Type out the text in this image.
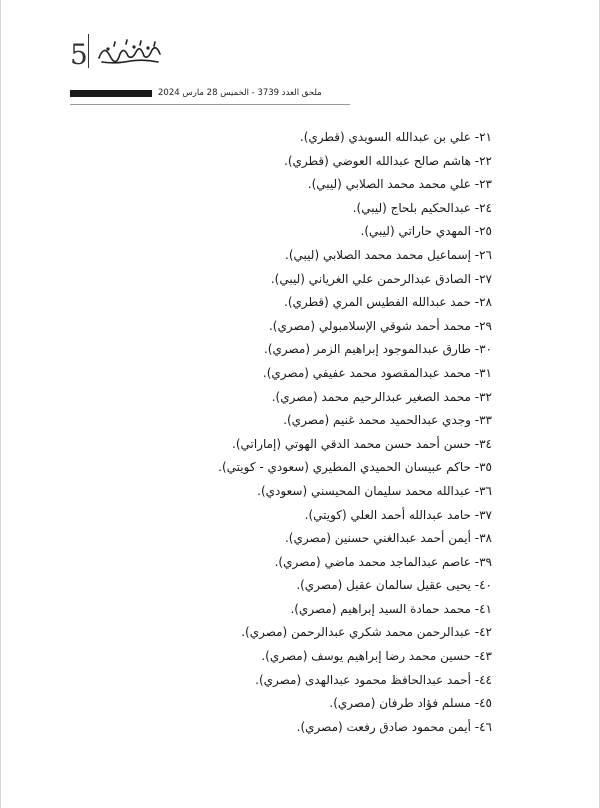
5
ملحق العدد 3739 - الخميس 28 مارس 2024
٢١- علي بن عبدالله السويدي (قطري).
٢٢- هاشم صالح عبدالله العوضي (قطري).
٢٣- علي محمد محمد الصلابي (ليبي).
٢٤- عبدالحكيم بلحاج (ليبي).
٢٥- المهدي حاراتي (ليبي).
٢٦- إسماعيل محمد محمد الصلابي (ليبي).
٢٧- الصادق عبدالرحمن علي الغرياني (ليبي).
٢٨- حمد عبدالله الفطيس المري (قطري).
٢٩- محمد أحمد شوقي الإسلامبولي (مصري).
٣٠- طارق عبدالموجود إبراهيم الزمر (مصري).
٣١- محمد عبدالمقصود محمد عفيفي (مصري).
٣٢- محمد الصغير عبدالرحيم محمد (مصري).
٣٣- وجدي عبدالحميد محمد غنيم (مصري).
٣٤- حسن أحمد حسن محمد الدقي الهوتي (إماراتي).
٣٥- حاكم عبيسان الحميدي المطيري (سعودي - كويتي).
٣٦- عبدالله محمد سليمان المحيسني (سعودي).
٣٧- حامد عبدالله أحمد العلي (كويتي).
٣٨- أيمن أحمد عبدالغني حسنين (مصري).
٣٩- عاصم عبدالماجد محمد ماضي (مصري).
٤٠- يحيى عقيل سالمان عقيل (مصري).
٤١- محمد حمادة السيد إبراهيم (مصري).
٤٢- عبدالرحمن محمد شكري عبدالرحمن (مصري).
٤٣- حسين محمد رضا إبراهيم يوسف (مصري).
٤٤- أحمد عبدالحافظ محمود عبدالهدى (مصري).
٤٥- مسلم فؤاد طرفان (مصري).
٤٦- أيمن محمود صادق رفعت (مصري).
